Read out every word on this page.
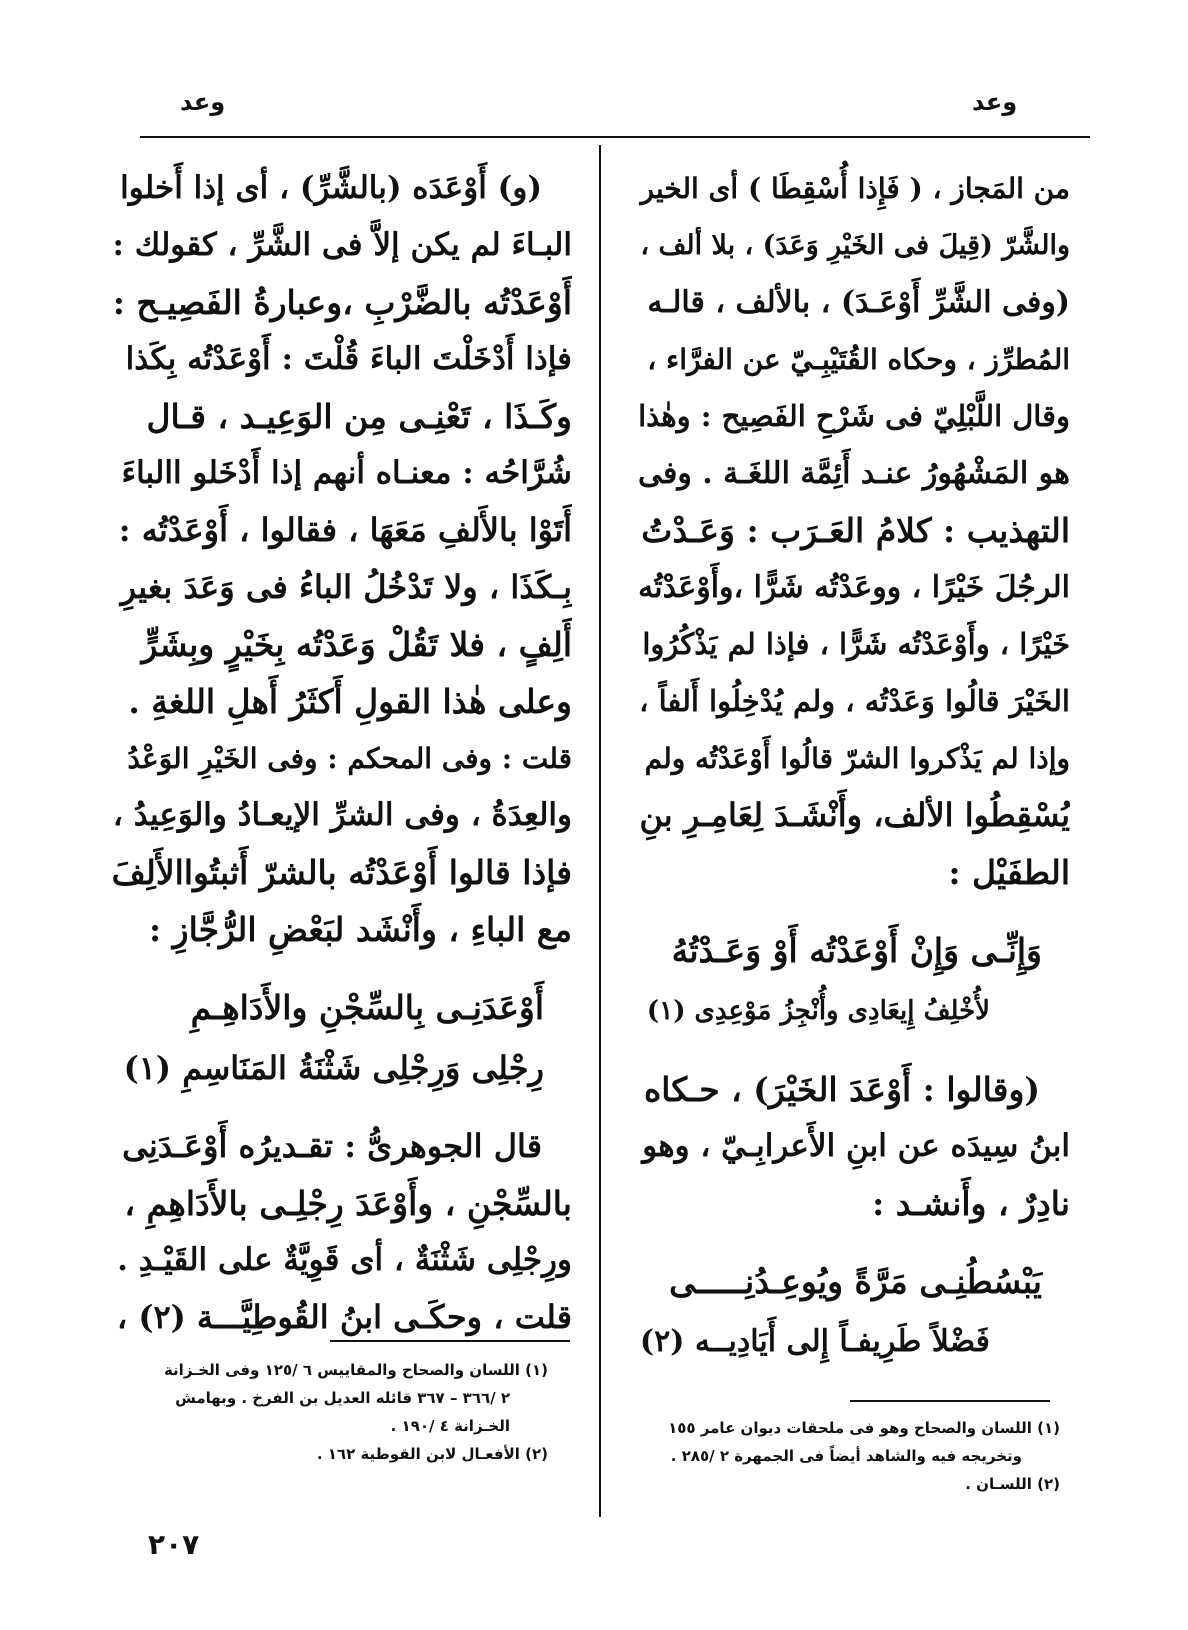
وعد
وعد
من المَجاز ، ( فَإِذا أُسْقِطَا ) أى الخير
والشَّرّ (قِيلَ فى الخَيْرِ وَعَدَ) ، بلا ألف ،
(وفى الشَّرِّ أَوْعَـدَ) ، بالألف ، قالـه
المُطرِّز ، وحكاه القُتَيْبِـيّ عن الفرَّاء ،
وقال اللَّبْلِيّ فى شَرْحِ الفَصِيح : وهٰذا
هو المَشْهُورُ عنـد أَئِمَّة اللغَـة . وفى
التهذيب : كلامُ العَـرَب : وَعَـدْتُ
الرجُلَ خَيْرًا ، ووعَدْتُه شَرًّا ،وأَوْعَدْتُه
خَيْرًا ، وأَوْعَدْتُه شَرًّا ، فإذا لم يَذْكُرُوا
الخَيْرَ قالُوا وَعَدْتُه ، ولم يُدْخِلُوا أَلفاً ،
وإذا لم يَذْكروا الشرّ قالُوا أَوْعَدْتُه ولم
يُسْقِطُوا الألف، وأَنْشَـدَ لِعَامِـرِ بنِ
الطفَيْل :
وَإِنِّـى وَإِنْ أَوْعَدْتُه أَوْ وَعَـدْتُهُ
لأُخْلِفُ إِيعَادِى وأُنْجِزُ مَوْعِدِى (١)
(وقالوا : أَوْعَدَ الخَيْرَ) ، حـكاه
ابنُ سِيدَه عن ابنِ الأَعرابِـيّ ، وهو
نادِرٌ ، وأَنشـد :
يَبْسُطُنِـى مَرَّةً ويُوعِـدُنِـــــى
فَضْلاً طَرِيفـاً إِلى أَيَادِيــه (٢)
(و) أَوْعَدَه (بالشَّرِّ) ، أى إذا أَخلوا
البـاءَ لم يكن إلاَّ فى الشَّرِّ ، كقولك :
أَوْعَدْتُه بالضَّرْبِ ،وعبارةُ الفَصِيـح :
فإذا أَدْخَلْتَ الباءَ قُلْتَ : أَوْعَدْتُه بِكَذا
وكَـذَا ، تَعْنِـى مِن الوَعِيـد ، قـال
شُرَّاحُه : معنـاه أنهم إذا أَدْخَلو االباءَ
أَتَوْا بالأَلفِ مَعَهَا ، فقالوا ، أَوْعَدْتُه :
بِـكَذَا ، ولا تَدْخُلُ الباءُ فى وَعَدَ بغيرِ
أَلِفٍ ، فلا تَقُلْ وَعَدْتُه بِخَيْرٍ وبِشَرٍّ
وعلى هٰذا القولِ أَكثَرُ أَهلِ اللغةِ .
قلت : وفى المحكم : وفى الخَيْرِ الوَعْدُ
والعِدَةُ ، وفى الشرِّ الإيعـادُ والوَعِيدُ ،
فإذا قالوا أَوْعَدْتُه بالشرّ أَثبتُواالأَلِفَ
مع الباءِ ، وأَنْشَد لبَعْضِ الرُّجَّازِ :
أَوْعَدَنِـى بِالسِّجْنِ والأَدَاهِـمِ
رِجْلِى وَرِجْلِى شَثْنَةُ المَنَاسِمِ (١)
قال الجوهرىُّ : تقـديرُه أَوْعَـدَنِى
بالسِّجْنِ ، وأَوْعَدَ رِجْلِـى بالأَدَاهِمِ ،
ورِجْلِى شَثْنَةٌ ، أى قَوِيَّةٌ على القَيْـدِ .
قلت ، وحكَـى ابنُ القُوطِيَّـــة (٢) ،
(١) اللسان والصحاح وهو فى ملحقات ديوان عامر ١٥٥
وتخريجه فيه والشاهد أيضاً فى الجمهرة ٢ /٢٨٥ .
(٢) اللسـان .
(١) اللسان والصحاح والمقاييس ٦ /١٢٥ وفى الخـزانة
٢ /٣٦٦ – ٣٦٧ قائله العديل بن الفرخ . وبهامش
الخـزانة ٤ /١٩٠ .
(٢) الأفعـال لابن القوطية ١٦٢ .
٢٠٧
